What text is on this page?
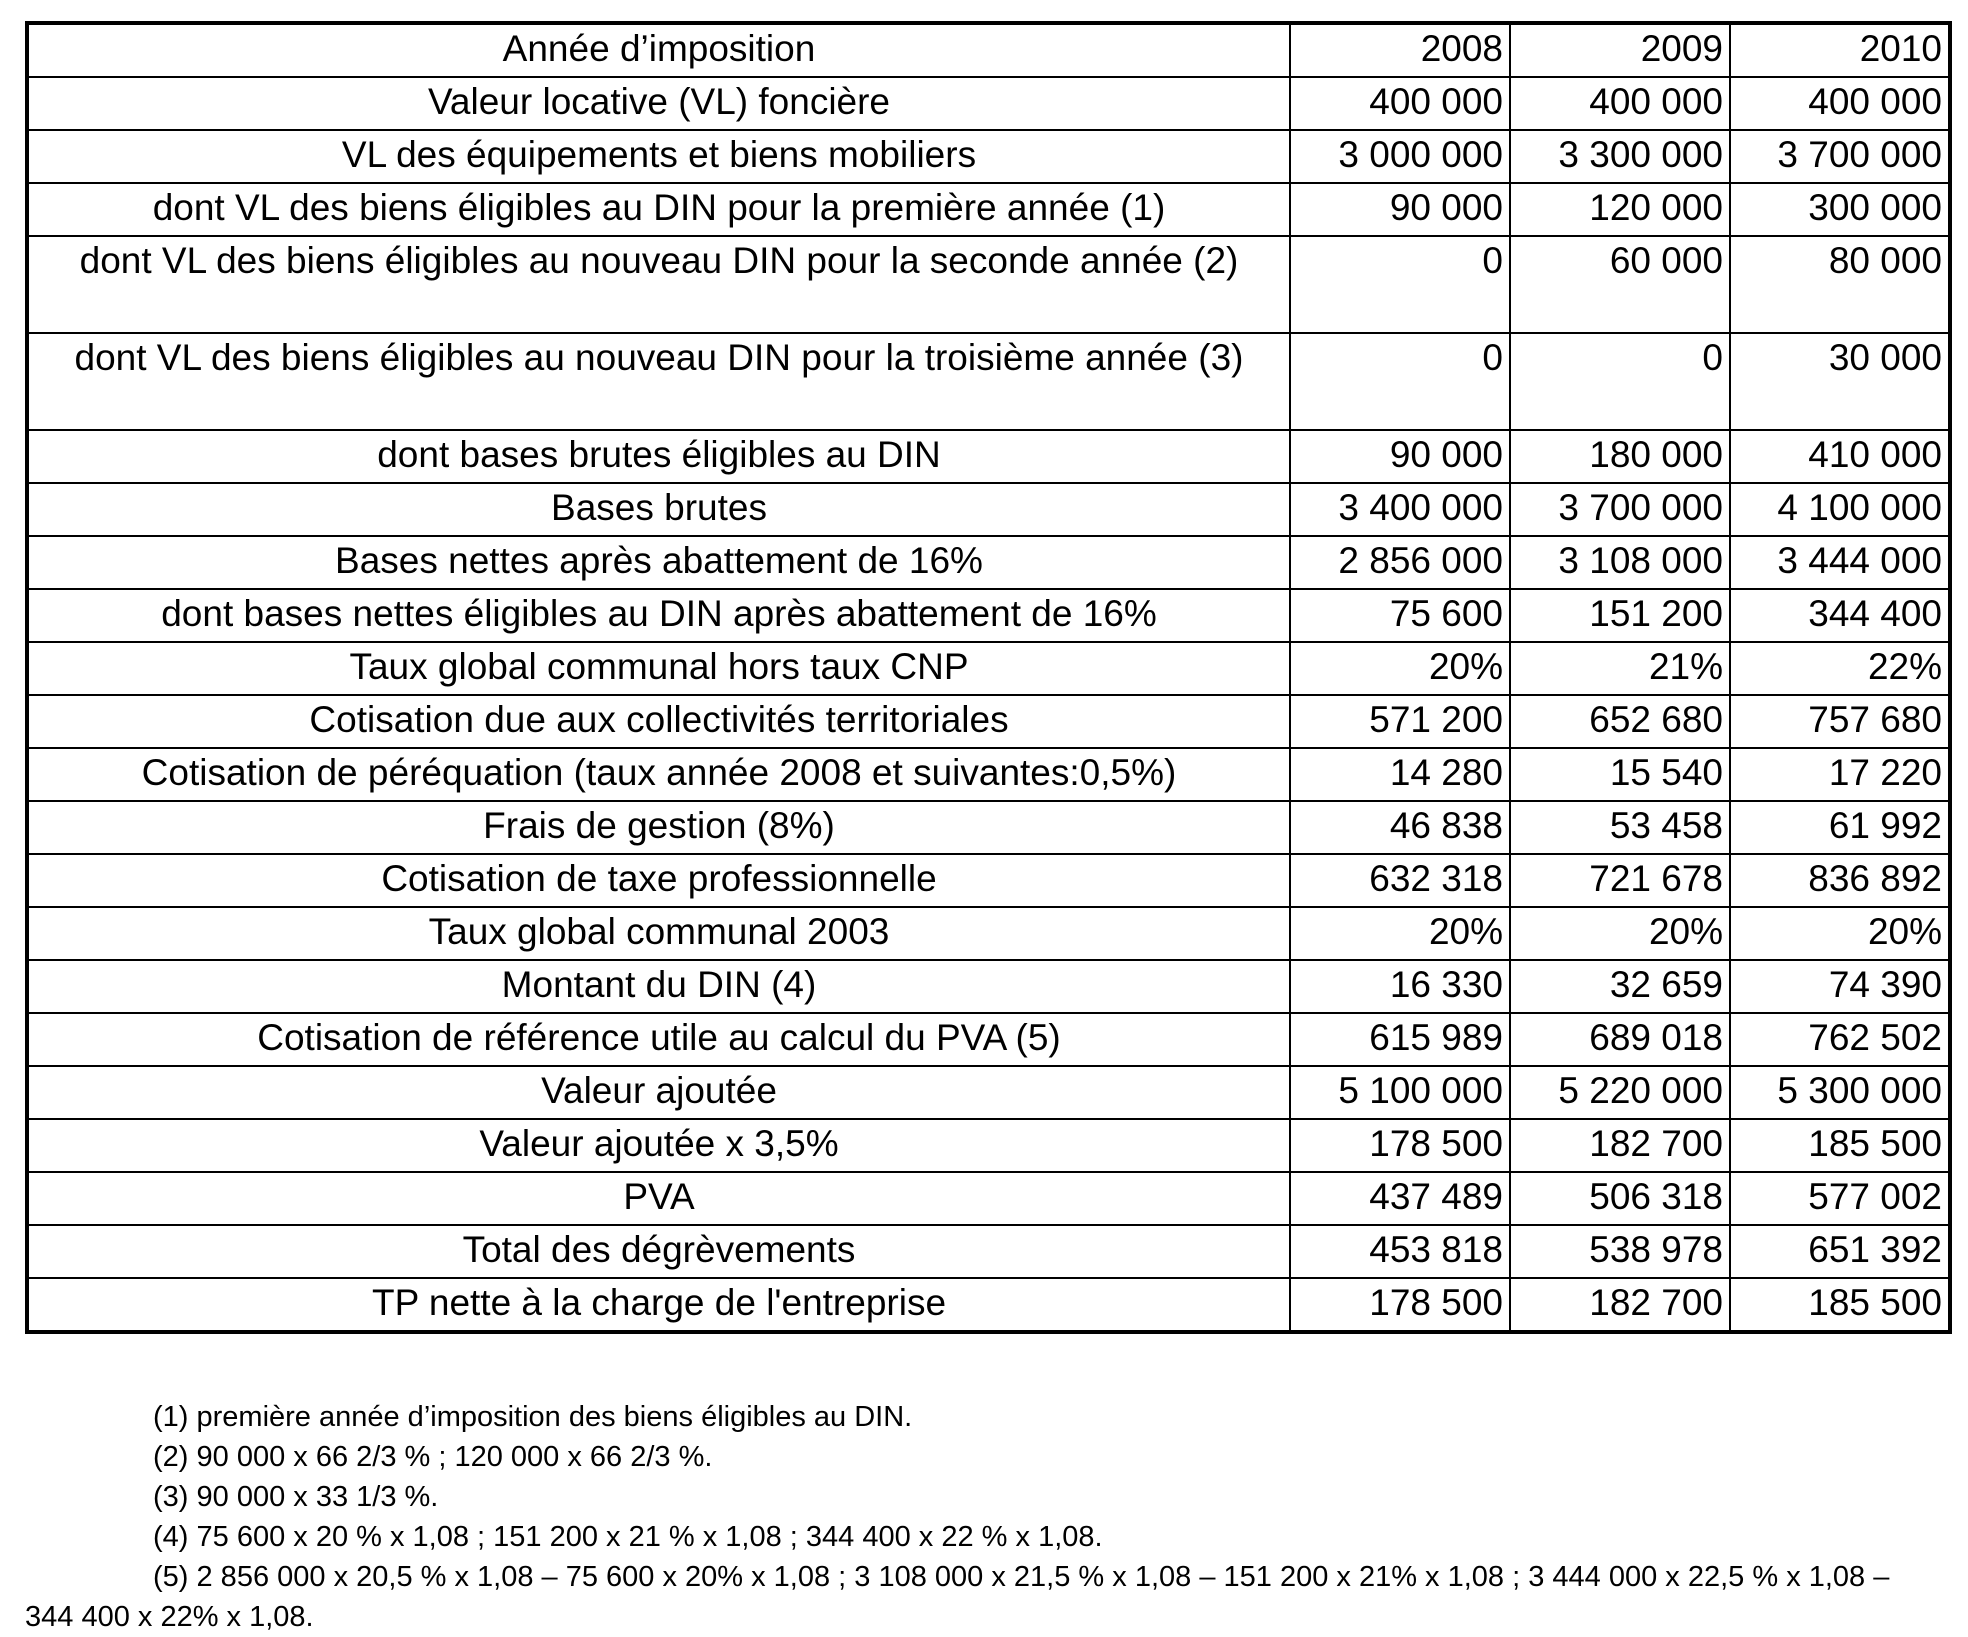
Année d’imposition	2008	2009	2010
Valeur locative (VL) foncière	400 000	400 000	400 000
VL des équipements et biens mobiliers	3 000 000	3 300 000	3 700 000
dont VL des biens éligibles au DIN pour la première année (1)	90 000	120 000	300 000
dont VL des biens éligibles au nouveau DIN pour la seconde année (2)	0	60 000	80 000
dont VL des biens éligibles au nouveau DIN pour la troisième année (3)	0	0	30 000
dont bases brutes éligibles au DIN	90 000	180 000	410 000
Bases brutes	3 400 000	3 700 000	4 100 000
Bases nettes après abattement de 16%	2 856 000	3 108 000	3 444 000
dont bases nettes éligibles au DIN après abattement de 16%	75 600	151 200	344 400
Taux global communal hors taux CNP	20%	21%	22%
Cotisation due aux collectivités territoriales	571 200	652 680	757 680
Cotisation de péréquation (taux année 2008 et suivantes:0,5%)	14 280	15 540	17 220
Frais de gestion (8%)	46 838	53 458	61 992
Cotisation de taxe professionnelle	632 318	721 678	836 892
Taux global communal 2003	20%	20%	20%
Montant du DIN (4)	16 330	32 659	74 390
Cotisation de référence utile au calcul du PVA (5)	615 989	689 018	762 502
Valeur ajoutée	5 100 000	5 220 000	5 300 000
Valeur ajoutée x 3,5%	178 500	182 700	185 500
PVA	437 489	506 318	577 002
Total des dégrèvements	453 818	538 978	651 392
TP nette à la charge de l'entreprise	178 500	182 700	185 500
(1) première année d’imposition des biens éligibles au DIN.
(2) 90 000 x 66 2/3 % ; 120 000 x 66 2/3 %.
(3) 90 000 x 33 1/3 %.
(4) 75 600 x 20 % x 1,08 ; 151 200 x 21 % x 1,08 ; 344 400 x 22 % x 1,08.
(5) 2 856 000 x 20,5 % x 1,08 – 75 600 x 20% x 1,08 ; 3 108 000 x 21,5 % x 1,08 – 151 200 x 21% x 1,08 ; 3 444 000 x 22,5 % x 1,08 – 344 400 x 22% x 1,08.
